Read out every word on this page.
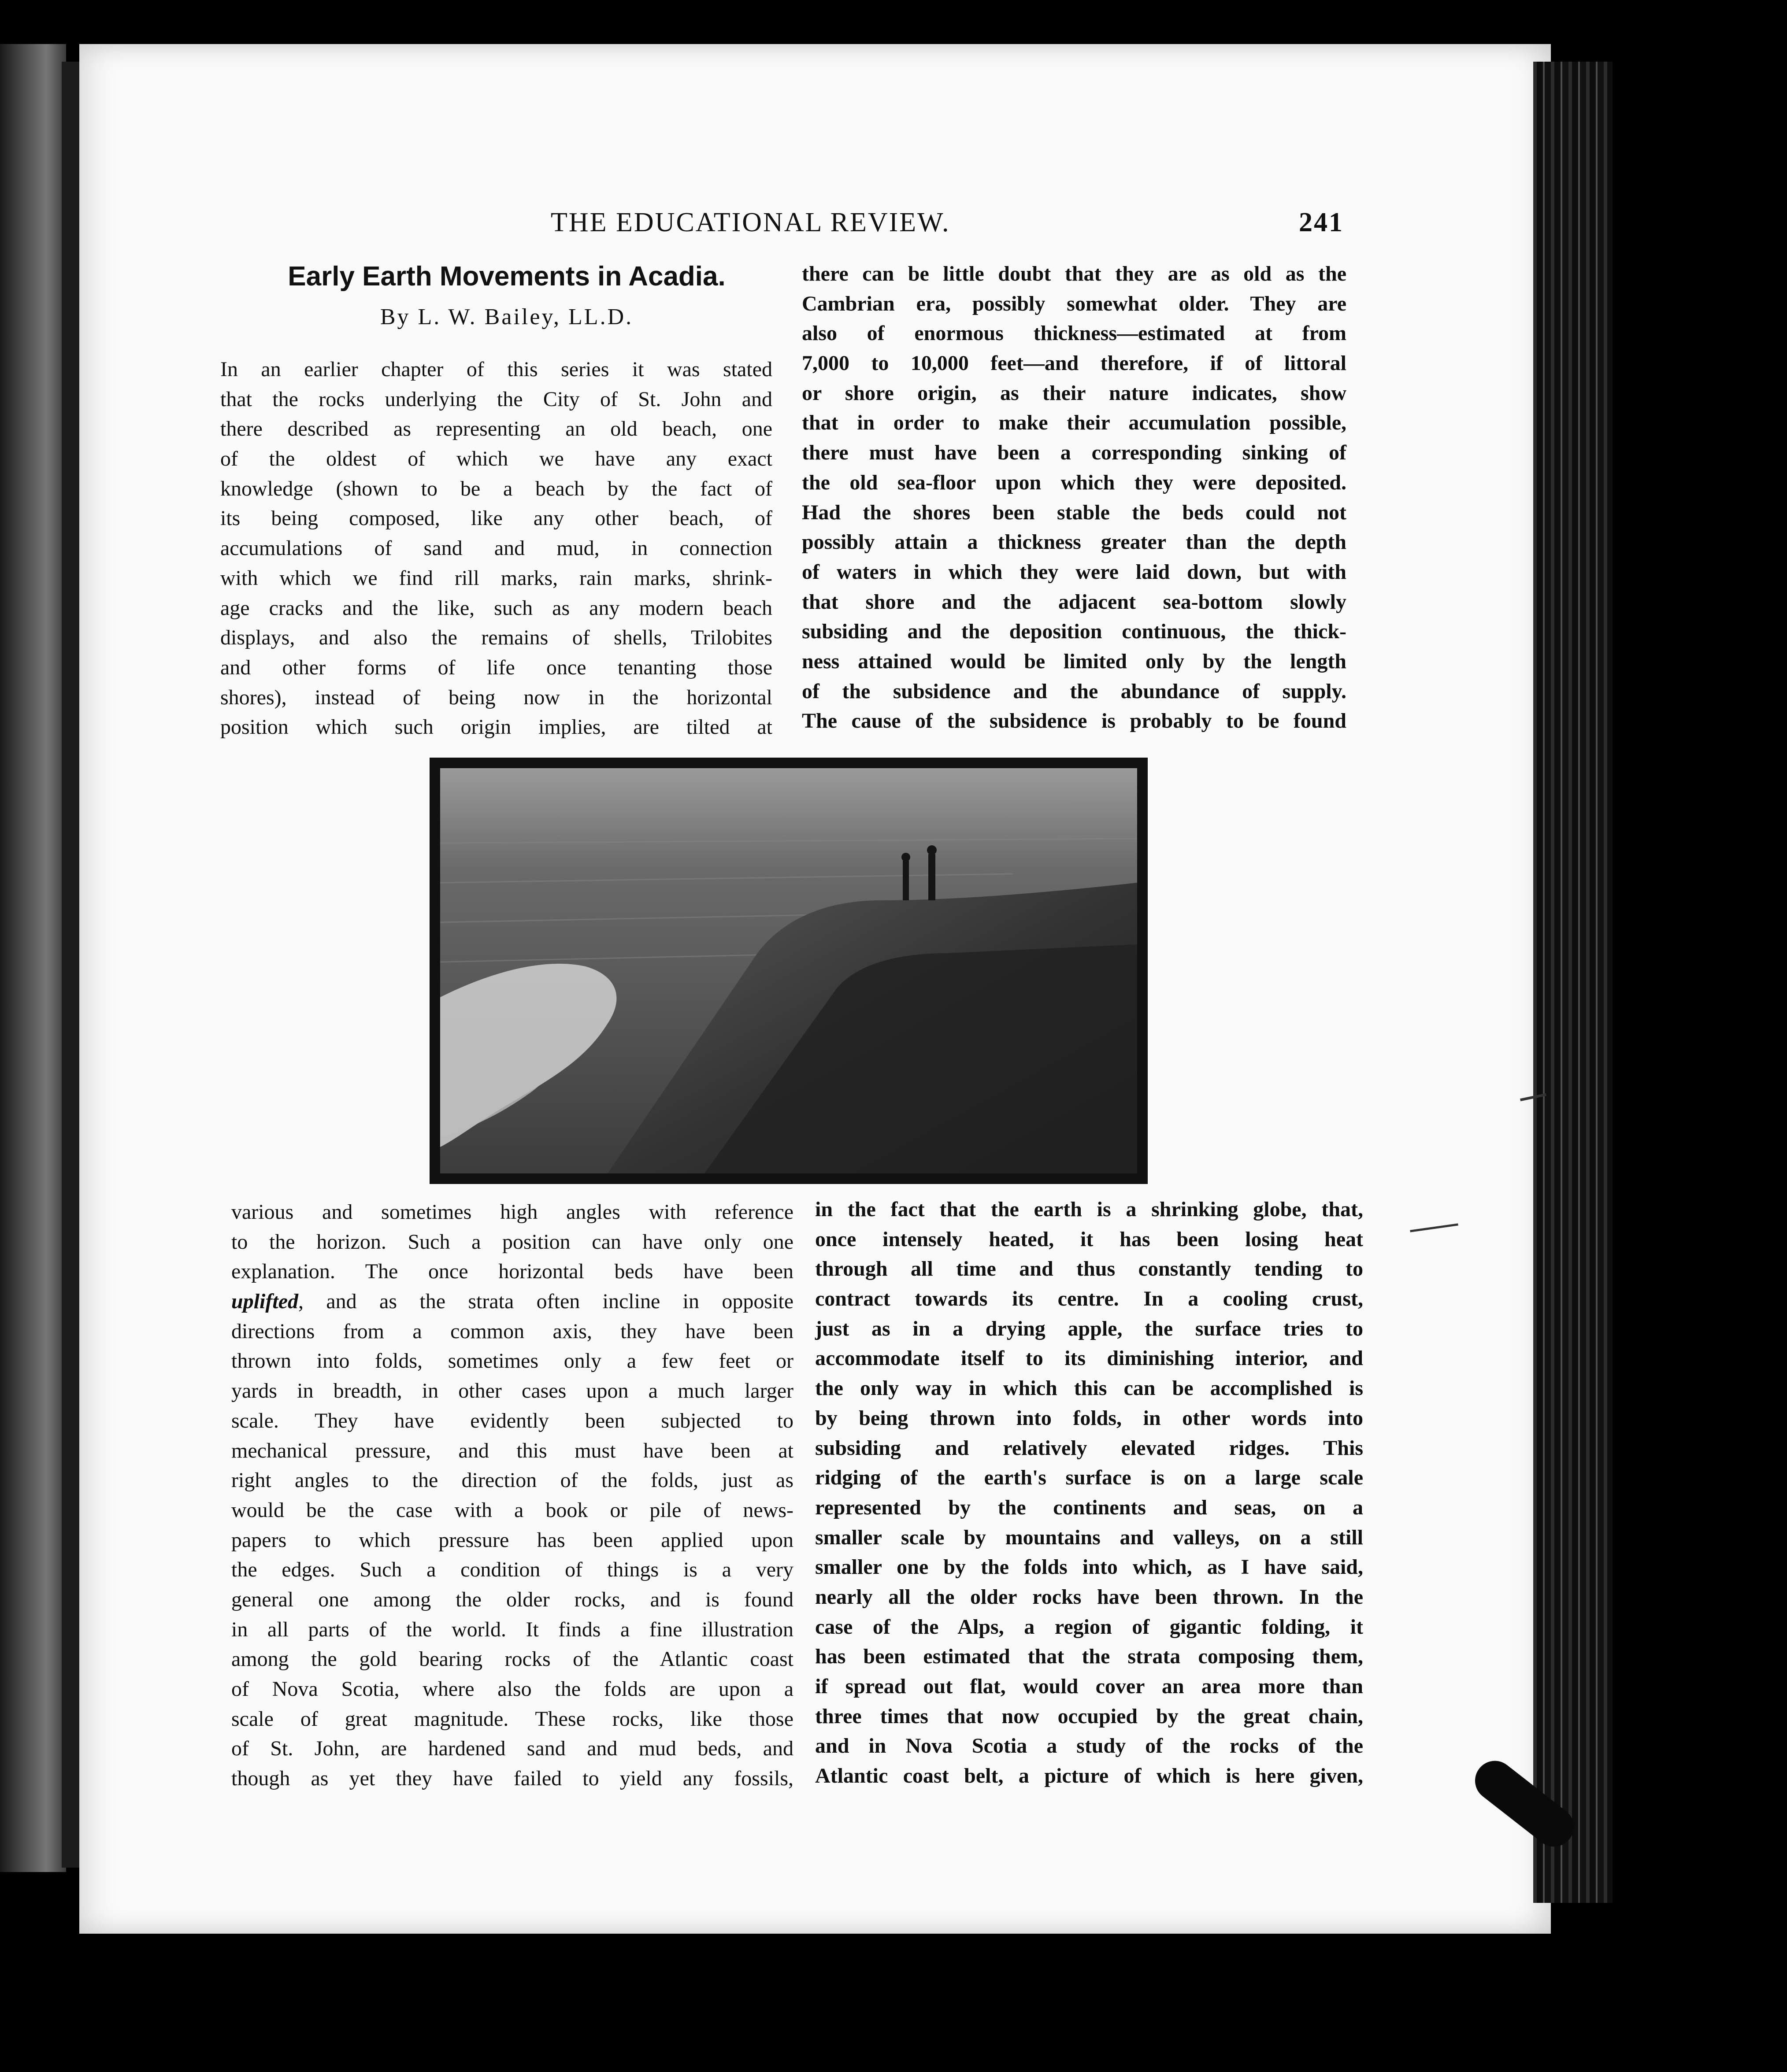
THE EDUCATIONAL REVIEW.	241
Early Earth Movements in Acadia.
By L. W. Bailey, LL.D.
In an earlier chapter of this series it was stated
that the rocks underlying the City of St. John and
there described as representing an old beach, one
of the oldest of which we have any exact
knowledge (shown to be a beach by the fact of
its being composed, like any other beach, of
accumulations of sand and mud, in connection
with which we find rill marks, rain marks, shrink-
age cracks and the like, such as any modern beach
displays, and also the remains of shells, Trilobites
and other forms of life once tenanting those
shores), instead of being now in the horizontal
position which such origin implies, are tilted at
there can be little doubt that they are as old as the
Cambrian era, possibly somewhat older. They are
also of enormous thickness—estimated at from
7,000 to 10,000 feet—and therefore, if of littoral
or shore origin, as their nature indicates, show
that in order to make their accumulation possible,
there must have been a corresponding sinking of
the old sea-floor upon which they were deposited.
Had the shores been stable the beds could not
possibly attain a thickness greater than the depth
of waters in which they were laid down, but with
that shore and the adjacent sea-bottom slowly
subsiding and the deposition continuous, the thick-
ness attained would be limited only by the length
of the subsidence and the abundance of supply.
The cause of the subsidence is probably to be found
various and sometimes high angles with reference
to the horizon. Such a position can have only one
explanation. The once horizontal beds have been
uplifted, and as the strata often incline in opposite
directions from a common axis, they have been
thrown into folds, sometimes only a few feet or
yards in breadth, in other cases upon a much larger
scale. They have evidently been subjected to
mechanical pressure, and this must have been at
right angles to the direction of the folds, just as
would be the case with a book or pile of news-
papers to which pressure has been applied upon
the edges. Such a condition of things is a very
general one among the older rocks, and is found
in all parts of the world. It finds a fine illustration
among the gold bearing rocks of the Atlantic coast
of Nova Scotia, where also the folds are upon a
scale of great magnitude. These rocks, like those
of St. John, are hardened sand and mud beds, and
though as yet they have failed to yield any fossils,
in the fact that the earth is a shrinking globe, that,
once intensely heated, it has been losing heat
through all time and thus constantly tending to
contract towards its centre. In a cooling crust,
just as in a drying apple, the surface tries to
accommodate itself to its diminishing interior, and
the only way in which this can be accomplished is
by being thrown into folds, in other words into
subsiding and relatively elevated ridges. This
ridging of the earth's surface is on a large scale
represented by the continents and seas, on a
smaller scale by mountains and valleys, on a still
smaller one by the folds into which, as I have said,
nearly all the older rocks have been thrown. In the
case of the Alps, a region of gigantic folding, it
has been estimated that the strata composing them,
if spread out flat, would cover an area more than
three times that now occupied by the great chain,
and in Nova Scotia a study of the rocks of the
Atlantic coast belt, a picture of which is here given,
